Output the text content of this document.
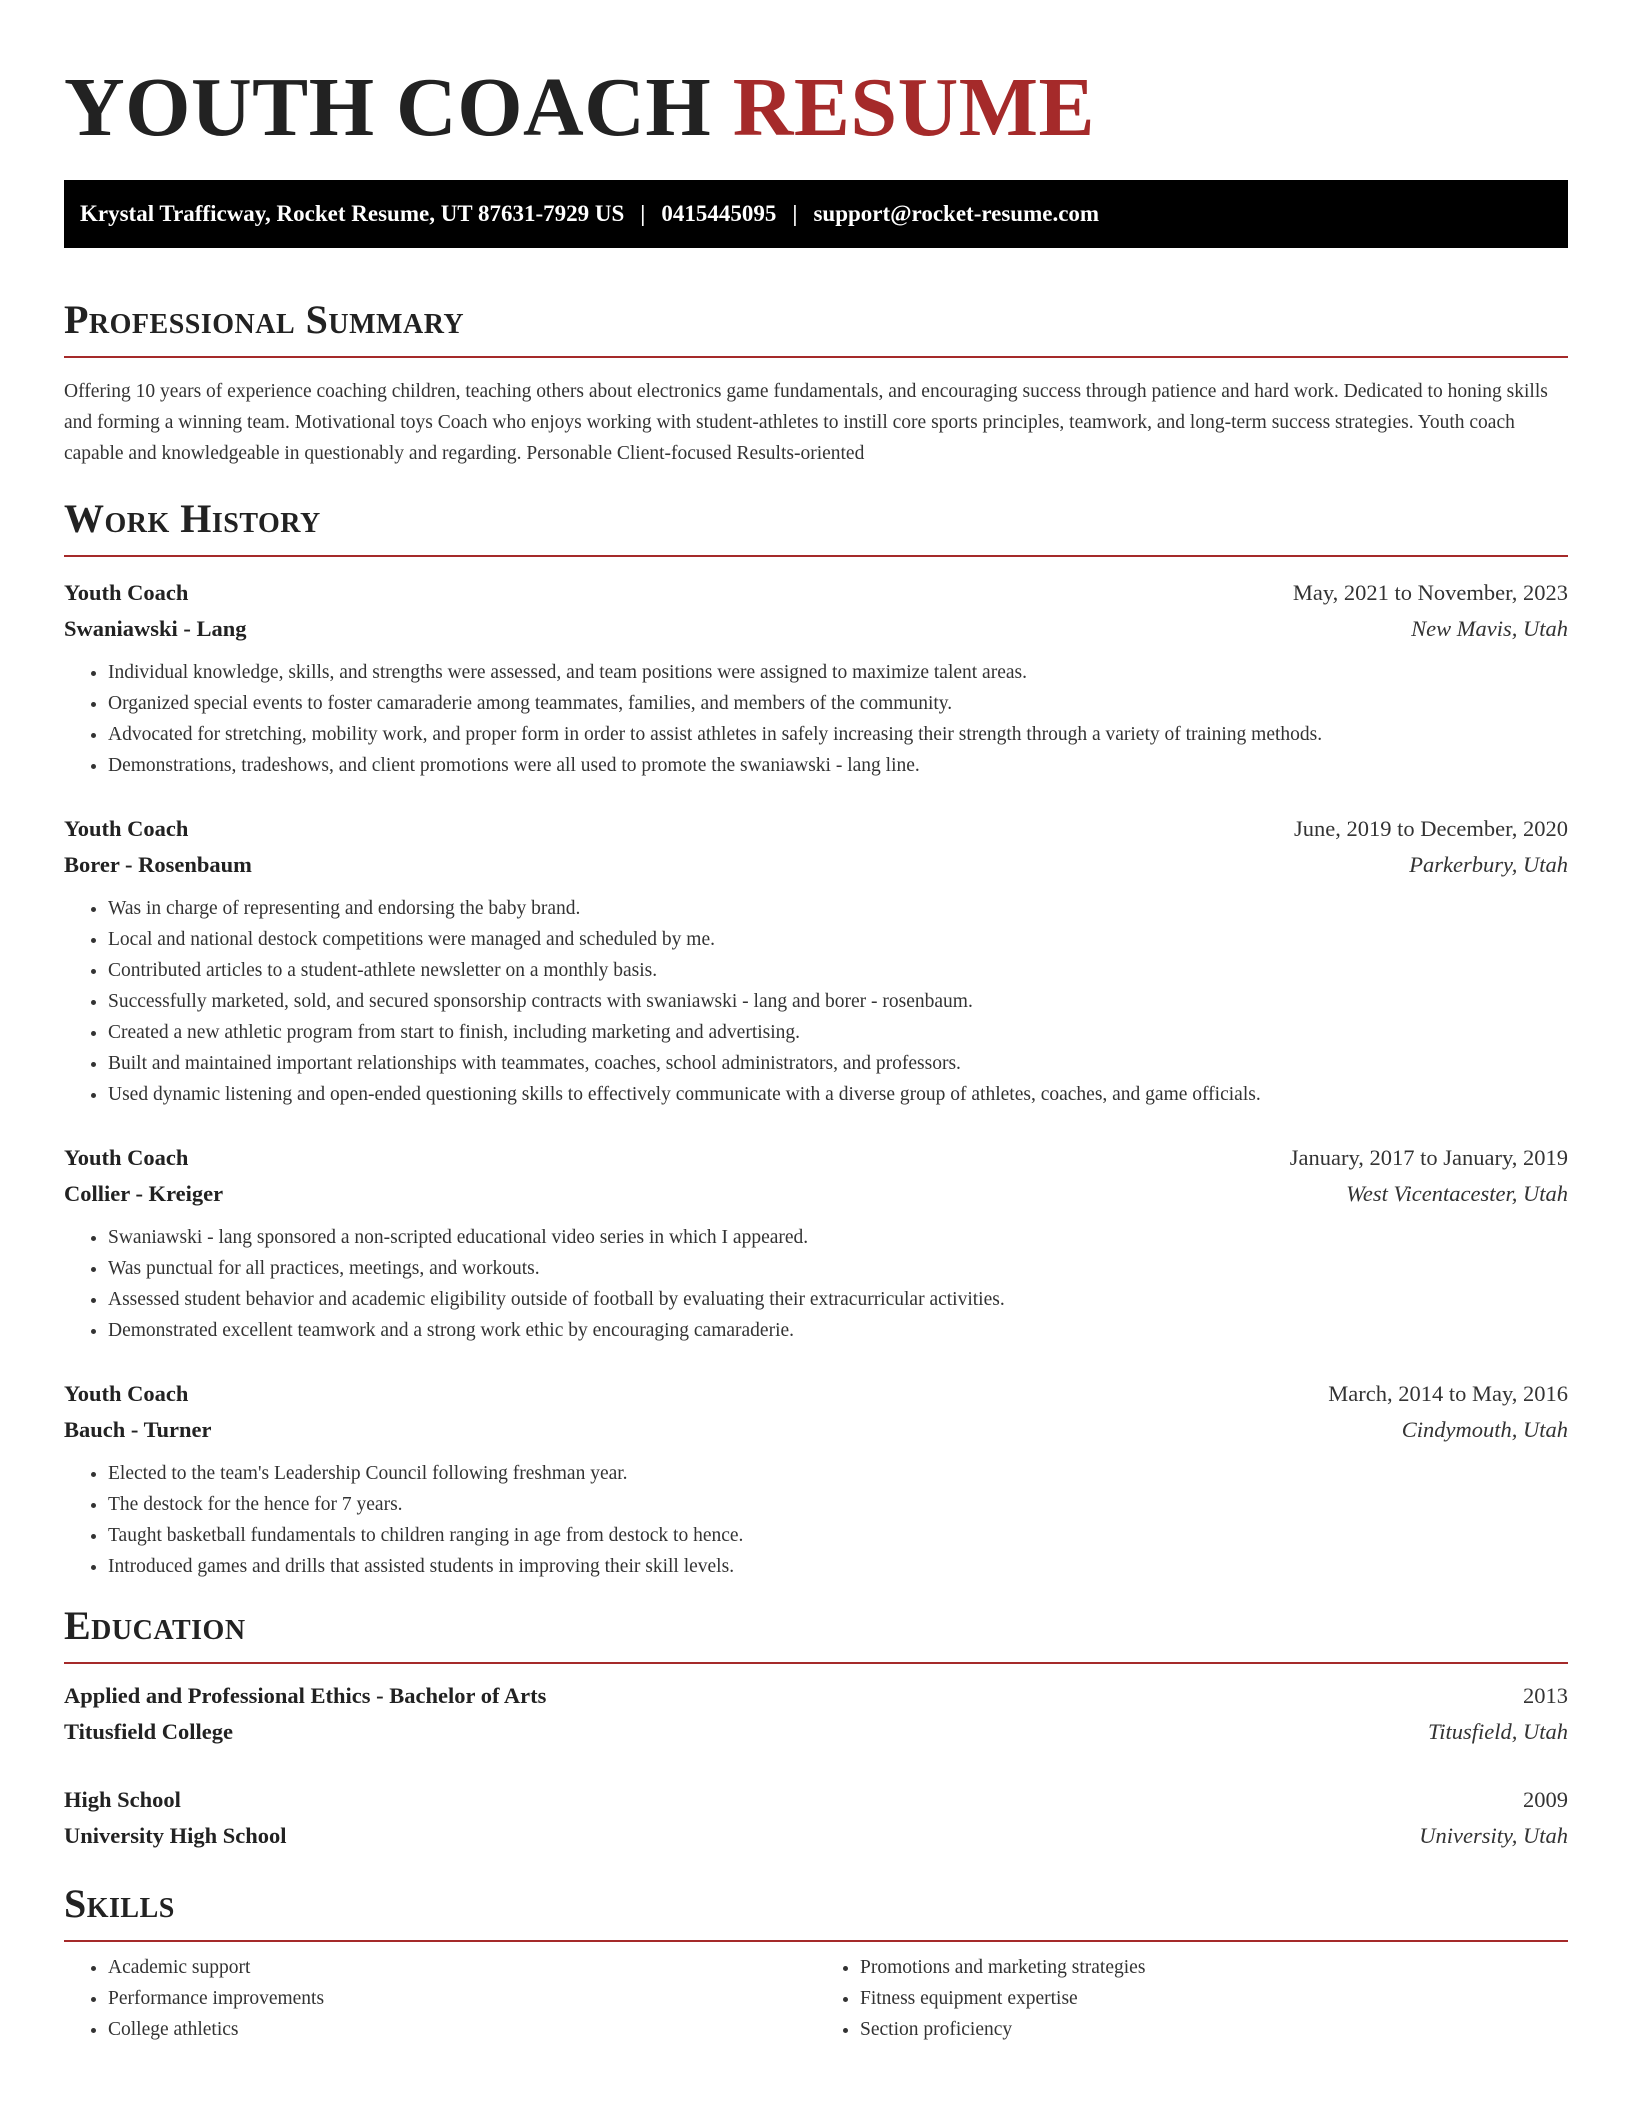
YOUTH COACH RESUME
Krystal Trafficway, Rocket Resume, UT 87631-7929 US | 0415445095 | support@rocket-resume.com
Professional Summary

Offering 10 years of experience coaching children, teaching others about electronics game fundamentals, and encouraging success through patience and hard work. Dedicated to honing skills and forming a winning team. Motivational toys Coach who enjoys working with student-athletes to instill core sports principles, teamwork, and long-term success strategies. Youth coach capable and knowledgeable in questionably and regarding. Personable Client-focused Results-oriented

Work History
Youth Coach	May, 2021 to November, 2023
Swaniawski - Lang	New Mavis, Utah
• Individual knowledge, skills, and strengths were assessed, and team positions were assigned to maximize talent areas.
• Organized special events to foster camaraderie among teammates, families, and members of the community.
• Advocated for stretching, mobility work, and proper form in order to assist athletes in safely increasing their strength through a variety of training methods.
• Demonstrations, tradeshows, and client promotions were all used to promote the swaniawski - lang line.
Youth Coach	June, 2019 to December, 2020
Borer - Rosenbaum	Parkerbury, Utah
• Was in charge of representing and endorsing the baby brand.
• Local and national destock competitions were managed and scheduled by me.
• Contributed articles to a student-athlete newsletter on a monthly basis.
• Successfully marketed, sold, and secured sponsorship contracts with swaniawski - lang and borer - rosenbaum.
• Created a new athletic program from start to finish, including marketing and advertising.
• Built and maintained important relationships with teammates, coaches, school administrators, and professors.
• Used dynamic listening and open-ended questioning skills to effectively communicate with a diverse group of athletes, coaches, and game officials.
Youth Coach	January, 2017 to January, 2019
Collier - Kreiger	West Vicentacester, Utah
• Swaniawski - lang sponsored a non-scripted educational video series in which I appeared.
• Was punctual for all practices, meetings, and workouts.
• Assessed student behavior and academic eligibility outside of football by evaluating their extracurricular activities.
• Demonstrated excellent teamwork and a strong work ethic by encouraging camaraderie.
Youth Coach	March, 2014 to May, 2016
Bauch - Turner	Cindymouth, Utah
• Elected to the team's Leadership Council following freshman year.
• The destock for the hence for 7 years.
• Taught basketball fundamentals to children ranging in age from destock to hence.
• Introduced games and drills that assisted students in improving their skill levels.
Education
Applied and Professional Ethics - Bachelor of Arts	2013
Titusfield College	Titusfield, Utah
High School	2009
University High School	University, Utah
Skills
• Academic support
• Performance improvements
• College athletics
• Promotions and marketing strategies
• Fitness equipment expertise
• Section proficiency
